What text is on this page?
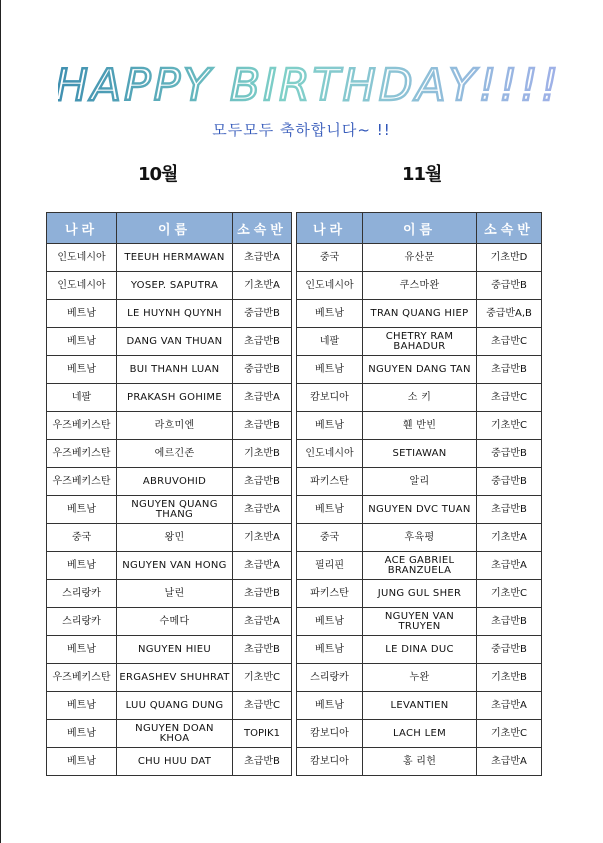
HAPPY BIRTHDAY!!!!
모두모두 축하합니다~ !!
10월	11월
나라	이름	소속반
인도네시아	TEEUH HERMAWAN	초급반A
인도네시아	YOSEP. SAPUTRA	기초반A
베트남	LE HUYNH QUYNH	중급반B
베트남	DANG VAN THUAN	초급반B
베트남	BUI THANH LUAN	중급반B
네팔	PRAKASH GOHIME	초급반A
우즈베키스탄	라흐미엔	초급반B
우즈베키스탄	에르긴존	기초반B
우즈베키스탄	ABRUVOHID	초급반B
베트남	NGUYEN QUANG THANG	초급반A
중국	왕민	기초반A
베트남	NGUYEN VAN HONG	초급반A
스리랑카	날린	초급반B
스리랑카	수메다	초급반A
베트남	NGUYEN HIEU	초급반B
우즈베키스탄	ERGASHEV SHUHRAT	기초반C
베트남	LUU QUANG DUNG	초급반C
베트남	NGUYEN DOAN KHOA	TOPIK1
베트남	CHU HUU DAT	초급반B
나라	이름	소속반
중국	유산문	기초반D
인도네시아	쿠스마완	중급반B
베트남	TRAN QUANG HIEP	중급반A,B
네팔	CHETRY RAM BAHADUR	초급반C
베트남	NGUYEN DANG TAN	초급반B
캄보디아	소 키	초급반C
베트남	휀 반빈	기초반C
인도네시아	SETIAWAN	중급반B
파키스탄	알리	중급반B
베트남	NGUYEN DVC TUAN	초급반B
중국	후육평	기초반A
필리핀	ACE GABRIEL BRANZUELA	초급반A
파키스탄	JUNG GUL SHER	기초반C
베트남	NGUYEN VAN TRUYEN	초급반B
베트남	LE DINA DUC	중급반B
스리랑카	누완	기초반B
베트남	LEVANTIEN	초급반A
캄보디아	LACH LEM	기초반C
캄보디아	홍 리헌	초급반A
